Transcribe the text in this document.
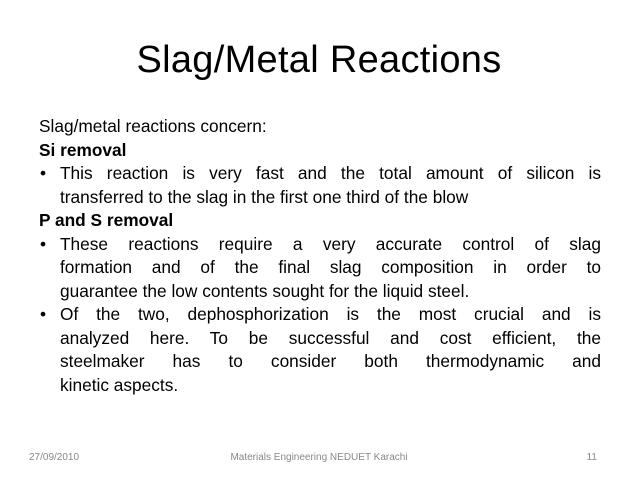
Slag/Metal Reactions
Slag/metal reactions concern:
Si removal
• This reaction is very fast and the total amount of silicon is
transferred to the slag in the first one third of the blow
P and S removal
• These reactions require a very accurate control of slag
formation and of the final slag composition in order to
guarantee the low contents sought for the liquid steel.
• Of the two, dephosphorization is the most crucial and is
analyzed here. To be successful and cost efficient, the
steelmaker has to consider both thermodynamic and
kinetic aspects.
27/09/2010	Materials Engineering NEDUET Karachi	11
